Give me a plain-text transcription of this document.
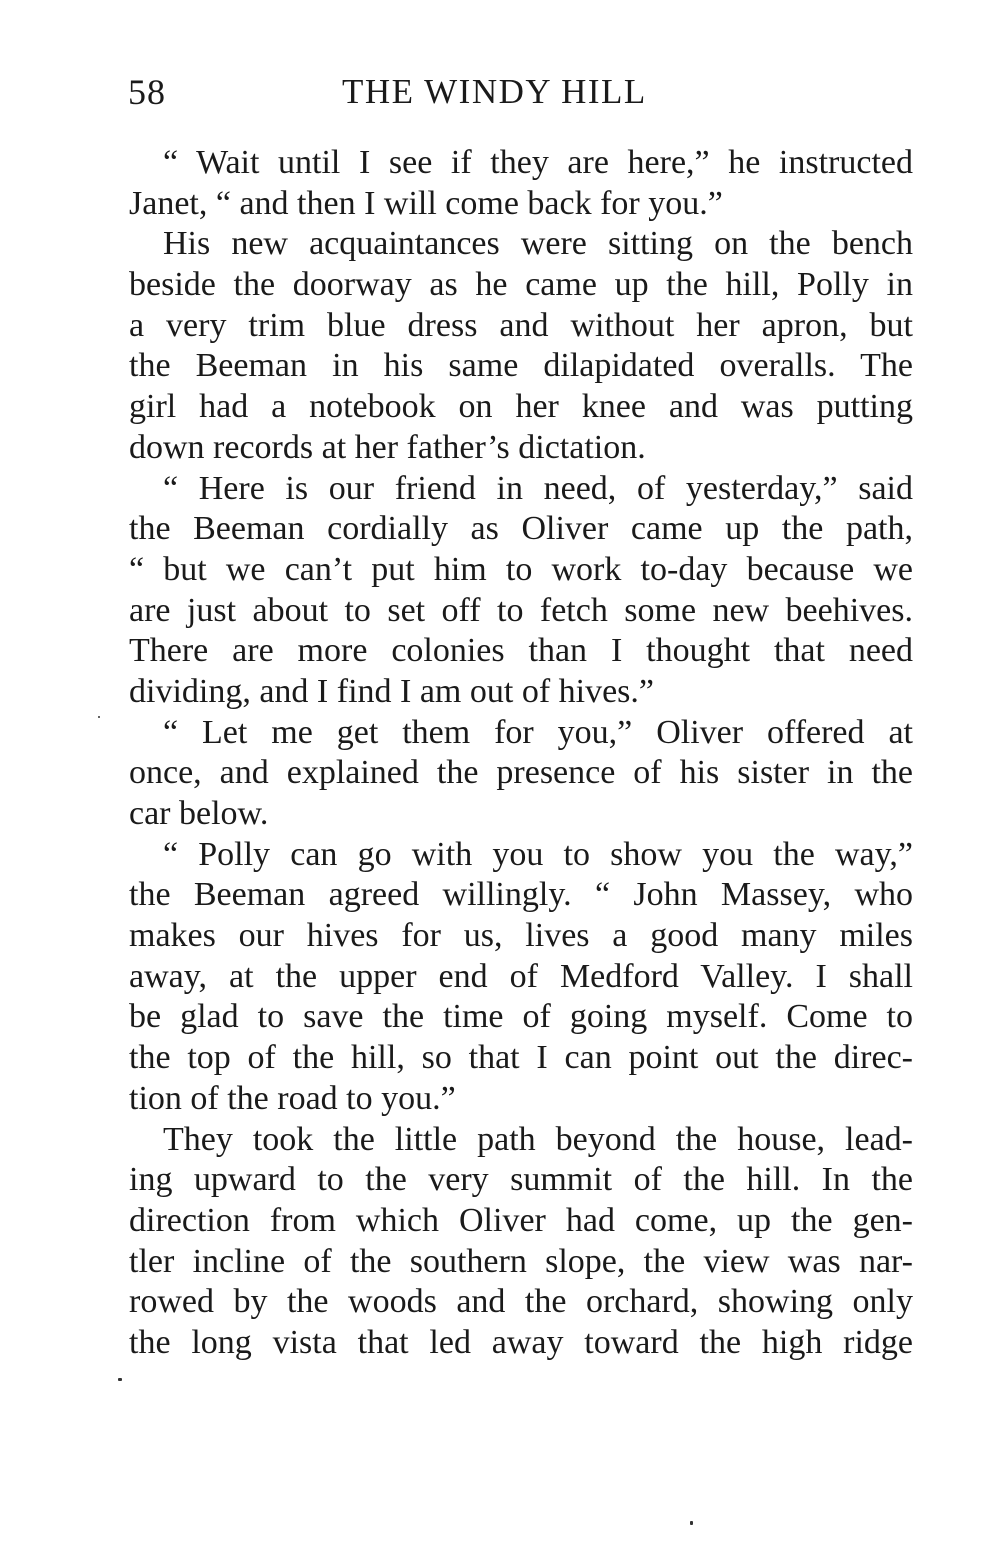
58	THE WINDY HILL
“ Wait until I see if they are here,” he instructed
Janet, “ and then I will come back for you.”
His new acquaintances were sitting on the bench
beside the doorway as he came up the hill, Polly in
a very trim blue dress and without her apron, but
the Beeman in his same dilapidated overalls. The
girl had a notebook on her knee and was putting
down records at her father’s dictation.
“ Here is our friend in need, of yesterday,” said
the Beeman cordially as Oliver came up the path,
“ but we can’t put him to work to-day because we
are just about to set off to fetch some new beehives.
There are more colonies than I thought that need
dividing, and I find I am out of hives.”
“ Let me get them for you,” Oliver offered at
once, and explained the presence of his sister in the
car below.
“ Polly can go with you to show you the way,”
the Beeman agreed willingly. “ John Massey, who
makes our hives for us, lives a good many miles
away, at the upper end of Medford Valley. I shall
be glad to save the time of going myself. Come to
the top of the hill, so that I can point out the direc-
tion of the road to you.”
They took the little path beyond the house, lead-
ing upward to the very summit of the hill. In the
direction from which Oliver had come, up the gen-
tler incline of the southern slope, the view was nar-
rowed by the woods and the orchard, showing only
the long vista that led away toward the high ridge
